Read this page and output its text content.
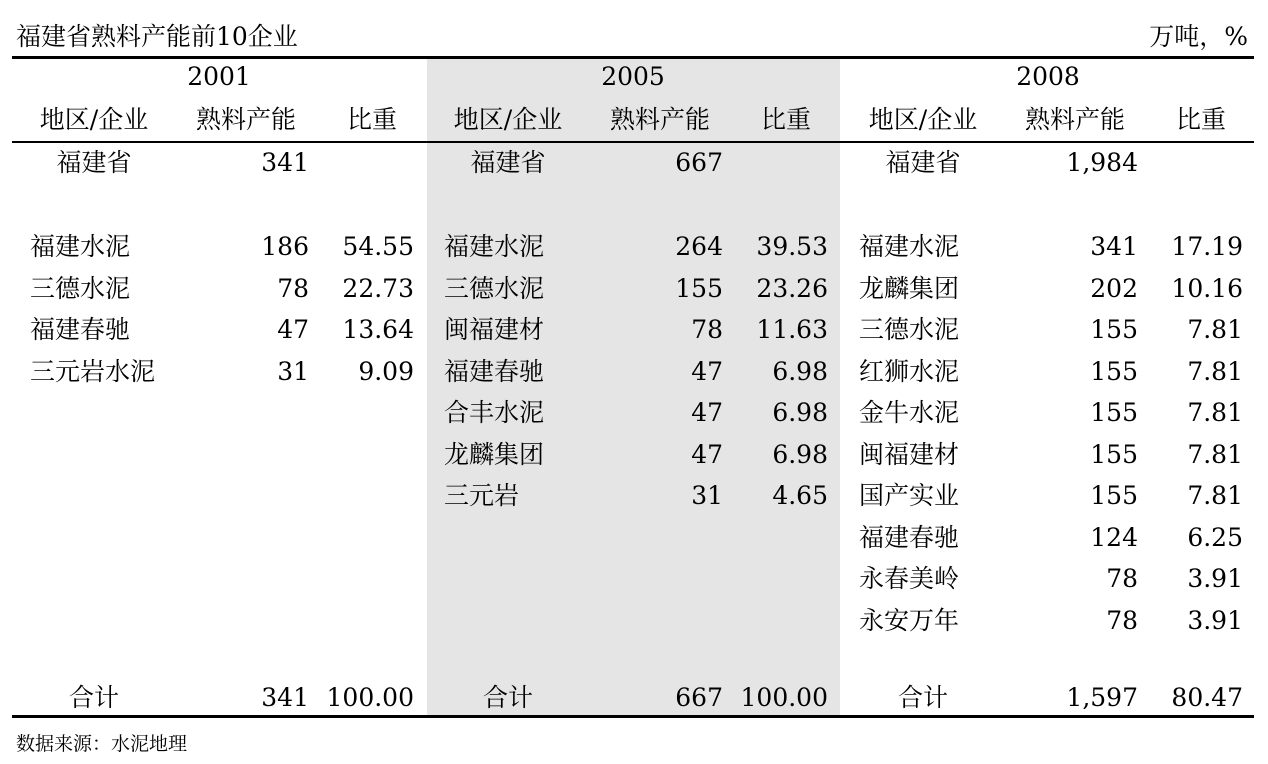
福建省熟料产能前10企业	万吨，%
2001
地区/企业 熟料产能 比重
福建省	341
福建水泥	186 54.55
三德水泥	78 22.73
福建春驰	47 13.64
三元岩水泥	31 9.09
合计	341 100.00
2005
地区/企业 熟料产能 比重
福建省	667
福建水泥	264 39.53
三德水泥	155 23.26
闽福建材	78 11.63
福建春驰	47 6.98
合丰水泥	47 6.98
龙麟集团	47 6.98
三元岩	31 4.65
合计	667 100.00
2008
地区/企业 熟料产能 比重
福建省	1,984
福建水泥	341 17.19
龙麟集团	202 10.16
三德水泥	155 7.81
红狮水泥	155 7.81
金牛水泥	155 7.81
闽福建材	155 7.81
国产实业	155 7.81
福建春驰	124 6.25
永春美岭	78 3.91
永安万年	78 3.91
合计	1,597 80.47
数据来源：水泥地理
